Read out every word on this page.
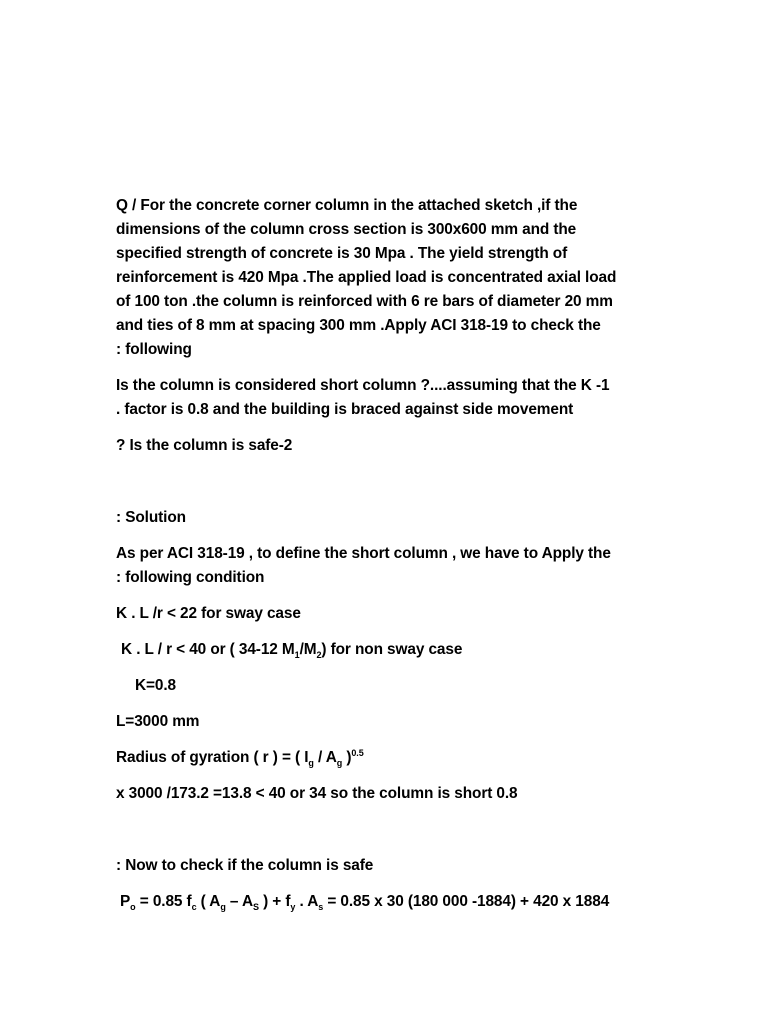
Q / For the concrete corner column in the attached sketch ,if the
dimensions of the column cross section is 300x600 mm and the
specified strength of concrete is 30 Mpa . The yield strength of
reinforcement is 420 Mpa .The applied load is concentrated axial load
of 100 ton .the column is reinforced with 6 re bars of diameter 20 mm
and ties of 8 mm at spacing 300 mm .Apply ACI 318-19 to check the
: following
Is the column is considered short column ?....assuming that the K -1
. factor is 0.8 and the building is braced against side movement
? Is the column is safe-2
: Solution
As per ACI 318-19 , to define the short column , we have to Apply the
: following condition
K . L /r < 22 for sway case
K . L / r < 40 or ( 34-12 $M_1/M_2$) for non sway case
K=0.8
L=3000 mm
Radius of gyration ( r ) = ( $I_g / A_g$ )$^{0.5}$
x 3000 /173.2 =13.8 < 40 or 34 so the column is short 0.8
: Now to check if the column is safe
$P_o = 0.85$ $f_c$ ( $A_g - A_S$ ) + $f_y$ . $A_s = 0.85$ x 30 (180 000 -1884) + 420 x 1884
